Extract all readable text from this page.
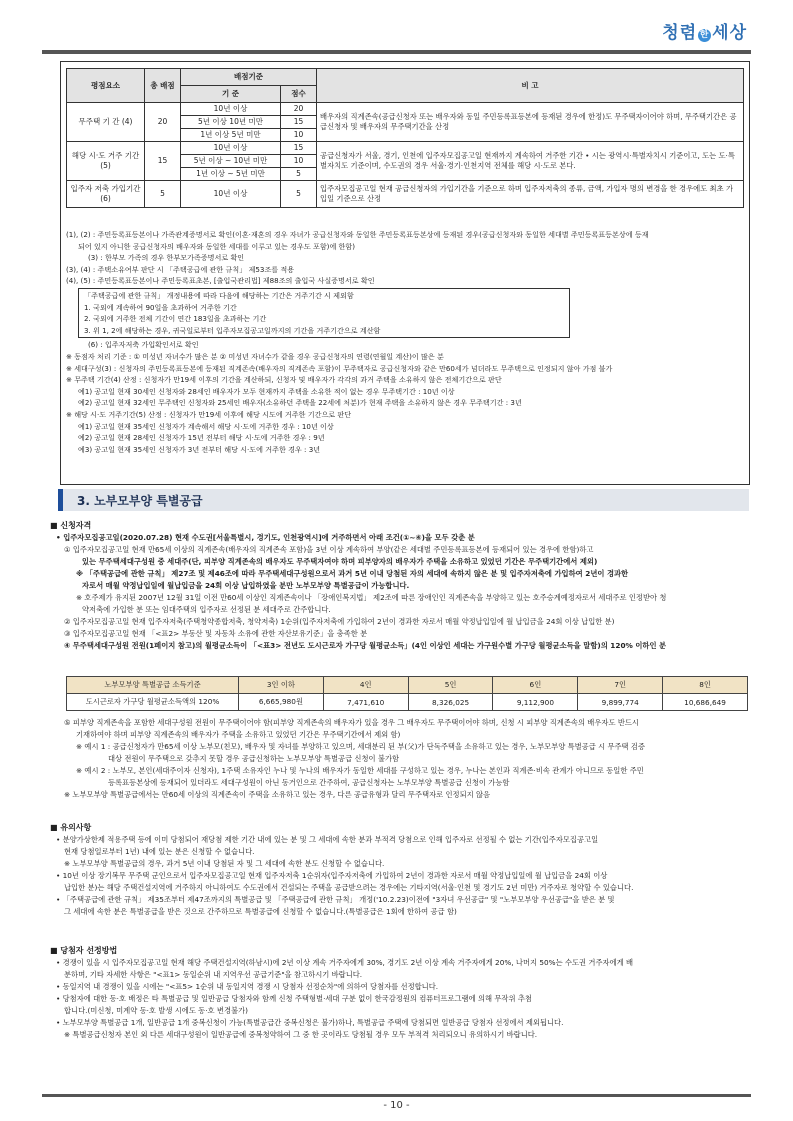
청렴 한 세상
평점요소	총 배점	배점기준		비 고
		기 준	점수	
무주택 기 간 (4)	20	10년 이상	20	배우자의 직계존속(공급신청자 또는 배우자와 동일 주민등록표등본에 등재된 경우에 한정)도 무주택자이어야 하며, 무주택기간은 공급신청자 및 배우자의 무주택기간을 산정
		5년 이상 10년 미만	15	
		1년 이상 5년 미만	10	
해당 시·도 거주 기간 (5)	15	10년 이상	15	공급신청자가 서울, 경기, 인천에 입주자모집공고일 현재까지 계속하여 거주한 기간 • 시는 광역시·특별자치시 기준이고, 도는 도·특별자치도 기준이며, 수도권의 경우 서울·경기·인천지역 전체를 해당 시·도로 본다.
		5년 이상 ~ 10년 미만	10	
		1년 이상 ~ 5년 미만	5	
입주자 저축 가입기간 (6)	5	10년 이상	5	입주자모집공고일 현재 공급신청자의 가입기간을 기준으로 하며 입주자저축의 종류, 금액, 가입자 명의 변경을 한 경우에도 최초 가입일 기준으로 산정

(1), (2) : 주민등록표등본이나 가족관계증명서로 확인(이혼·재혼의 경우 자녀가 공급신청자와 동일한 주민등록표등본상에 등재된 경우(공급신청자와 동일한 세대별 주민등록표등본상에 등재

되어 있지 아니한 공급신청자의 배우자와 동일한 세대를 이루고 있는 경우도 포함)에 한함)

(3) : 한부모 가족의 경우 한부모가족증명서로 확인

(3), (4) : 주택소유여부 판단 시 「주택공급에 관한 규칙」 제53조를 적용

(4), (5) : 주민등록표등본이나 주민등록표초본, [출입국관리법] 제88조의 출입국 사실증명서로 확인

「주택공급에 관한 규칙」 개정내용에 따라 다음에 해당하는 기간은 거주기간 시 제외함

1. 국외에 계속하여 90일을 초과하여 거주한 기간

2. 국외에 거주한 전체 기간이 연간 183일을 초과하는 기간

3. 위 1, 2에 해당하는 경우, 귀국일로부터 입주자모집공고일까지의 기간을 거주기간으로 계산함

(6) : 입주자저축 가입확인서로 확인

※ 동점자 처리 기준 : ① 미성년 자녀수가 많은 분 ② 미성년 자녀수가 같을 경우 공급신청자의 연령(연월일 계산)이 많은 분

※ 세대구성(3) : 신청자의 주민등록표등본에 등재된 직계존속(배우자의 직계존속 포함)이 무주택자로 공급신청자와 같은 만60세가 넘더라도 무주택으로 인정되지 않아 가점 불가

※ 무주택 기간(4) 산정 : 신청자가 만19세 이후의 기간을 계산하되, 신청자 및 배우자가 각각의 과거 주택을 소유하지 않은 전체기간으로 판단

예1) 공고일 현재 30세인 신청자와 28세인 배우자가 모두 현재까지 주택을 소유한 적이 없는 경우 무주택기간 : 10년 이상

예2) 공고일 현재 32세인 무주택인 신청자와 25세인 배우자(소유하던 주택을 22세에 처분)가 현재 주택을 소유하지 않은 경우 무주택기간 : 3년

※ 해당 시·도 거주기간(5) 산정 : 신청자가 만19세 이후에 해당 시도에 거주한 기간으로 판단

예1) 공고일 현재 35세인 신청자가 계속해서 해당 시·도에 거주한 경우 : 10년 이상

예2) 공고일 현재 28세인 신청자가 15년 전부터 해당 시·도에 거주한 경우 : 9년

예3) 공고일 현재 35세인 신청자가 3년 전부터 해당 시·도에 거주한 경우 : 3년

3. 노부모부양 특별공급

■ 신청자격

• 입주자모집공고일(2020.07.28) 현재 수도권[서울특별시, 경기도, 인천광역시]에 거주하면서 아래 조건(①~④)을 모두 갖춘 분

① 입주자모집공고일 현재 만65세 이상의 직계존속(배우자의 직계존속 포함)을 3년 이상 계속하여 부양(같은 세대별 주민등록표등본에 등재되어 있는 경우에 한함)하고

있는 무주택세대구성원 중 세대주(단, 피부양 직계존속의 배우자도 무주택자여야 하며 피부양자의 배우자가 주택을 소유하고 있었던 기간은 무주택기간에서 제외)

※ 「주택공급에 관한 규칙」 제27조 및 제46조에 따라 무주택세대구성원으로서 과거 5년 이내 당첨된 자의 세대에 속하지 않은 분 및 입주자저축에 가입하여 2년이 경과한

자로서 매월 약정납입일에 월납입금을 24회 이상 납입하였을 분만 노부모부양 특별공급이 가능합니다.

※ 호주제가 유지된 2007년 12월 31일 이전 만60세 이상인 직계존속이나 「장애인복지법」 제2조에 따른 장애인인 직계존속을 부양하고 있는 호주승계예정자로서 세대주로 인정받아 청

약저축에 가입한 분 또는 임대주택의 입주자로 선정된 분 세대주로 간주합니다.

② 입주자모집공고일 현재 입주자저축(주택청약종합저축, 청약저축) 1순위(입주자저축에 가입하여 2년이 경과한 자로서 매월 약정납입일에 월 납입금을 24회 이상 납입한 분)

③ 입주자모집공고일 현재 「<표2> 부동산 및 자동차 소유에 관한 자산보유기준」을 충족한 분

④ 무주택세대구성원 전원(1페이지 참고)의 월평균소득이 「<표3> 전년도 도시근로자 가구당 월평균소득」(4인 이상인 세대는 가구원수별 가구당 월평균소득을 말함)의 120% 이하인 분

노부모부양 특별공급 소득기준	3인 이하	4인	5인	6인	7인	8인
도시근로자 가구당 월평균소득액의 120%	6,665,980원	7,471,610	8,326,025	9,112,900	9,899,774	10,686,649

⑤ 피부양 직계존속을 포함한 세대구성원 전원이 무주택이어야 함(피부양 직계존속의 배우자가 있을 경우 그 배우자도 무주택이어야 하며, 신청 시 피부양 직계존속의 배우자도 반드시

기재하여야 하며 피부양 직계존속의 배우자가 주택을 소유하고 있었던 기간은 무주택기간에서 제외 함)

※ 예시 1 : 공급신청자가 만65세 이상 노부모(친모), 배우자 및 자녀를 부양하고 있으며, 세대분리 된 부(父)가 단독주택을 소유하고 있는 경우, 노부모부양 특별공급 시 무주택 검증

대상 전원이 무주택으로 갖추지 못할 경우 공급신청하는 노부모부양 특별공급 신청이 불가함

※ 예시 2 : 노부모, 본인(세대주이자 신청자), 1주택 소유자인 누나 및 누나의 배우자가 동일한 세대를 구성하고 있는 경우, 누나는 본인과 직계존·비속 관계가 아니므로 동일한 주민

등록표등본상에 등재되어 있더라도 세대구성원이 아닌 동거인으로 간주하여, 공급신청자는 노부모부양 특별공급 신청이 가능함

※ 노부모부양 특별공급에서는 만60세 이상의 직계존속이 주택을 소유하고 있는 경우, 다른 공급유형과 달리 무주택자로 인정되지 않음

■ 유의사항

• 분양가상한제 적용주택 등에 이미 당첨되어 재당첨 제한 기간 내에 있는 분 및 그 세대에 속한 분과 부적격 당첨으로 인해 입주자로 선정될 수 없는 기간(입주자모집공고일

현재 당첨일로부터 1년) 내에 있는 분은 신청할 수 없습니다.

※ 노부모부양 특별공급의 경우, 과거 5년 이내 당첨된 자 및 그 세대에 속한 분도 신청할 수 없습니다.

• 10년 이상 장기복무 무주택 군인으로서 입주자모집공고일 현재 입주자저축 1순위자(입주자저축에 가입하여 2년이 경과한 자로서 매월 약정납입일에 월 납입금을 24회 이상

납입한 분)는 해당 주택건설지역에 거주하지 아니하여도 수도권에서 건설되는 주택을 공급받으려는 경우에는 기타지역(서울·인천 및 경기도 2년 미만) 거주자로 청약할 수 있습니다.

• 「주택공급에 관한 규칙」 제35조부터 제47조까지의 특별공급 및 「주택공급에 관한 규칙」 개정('10.2.23)이전에 "3자녀 우선공급" 및 "노부모부양 우선공급"을 받은 분 및

그 세대에 속한 분은 특별공급을 받은 것으로 간주하므로 특별공급에 신청할 수 없습니다.(특별공급은 1회에 한하여 공급 함)

■ 당첨자 선정방법

• 경쟁이 있을 시 입주자모집공고일 현재 해당 주택건설지역(하남시)에 2년 이상 계속 거주자에게 30%, 경기도 2년 이상 계속 거주자에게 20%, 나머지 50%는 수도권 거주자에게 배

분하며, 기타 자세한 사항은 "<표1> 동일순위 내 지역우선 공급기준"을 참고하시기 바랍니다.

• 동일지역 내 경쟁이 있을 시에는 "<표5> 1순위 내 동일지역 경쟁 시 당첨자 선정순차"에 의하여 당첨자를 선정합니다.

• 당첨자에 대한 동·호 배정은 타 특별공급 및 일반공급 당첨자와 함께 신청 주택형별·세대 구분 없이 한국감정원의 컴퓨터프로그램에 의해 무작위 추첨

합니다.(미신청, 미계약 동·호 발생 시에도 동·호 변경불가)

• 노부모부양 특별공급 1개, 일반공급 1개 중복신청이 가능(특별공급간 중복신청은 불가)하나, 특별공급 주택에 당첨되면 일반공급 당첨자 선정에서 제외됩니다.

※ 특별공급신청자 본인 외 다른 세대구성원이 일반공급에 중복청약하여 그 중 한 곳이라도 당첨될 경우 모두 부적격 처리되오니 유의하시기 바랍니다.

- 10 -
